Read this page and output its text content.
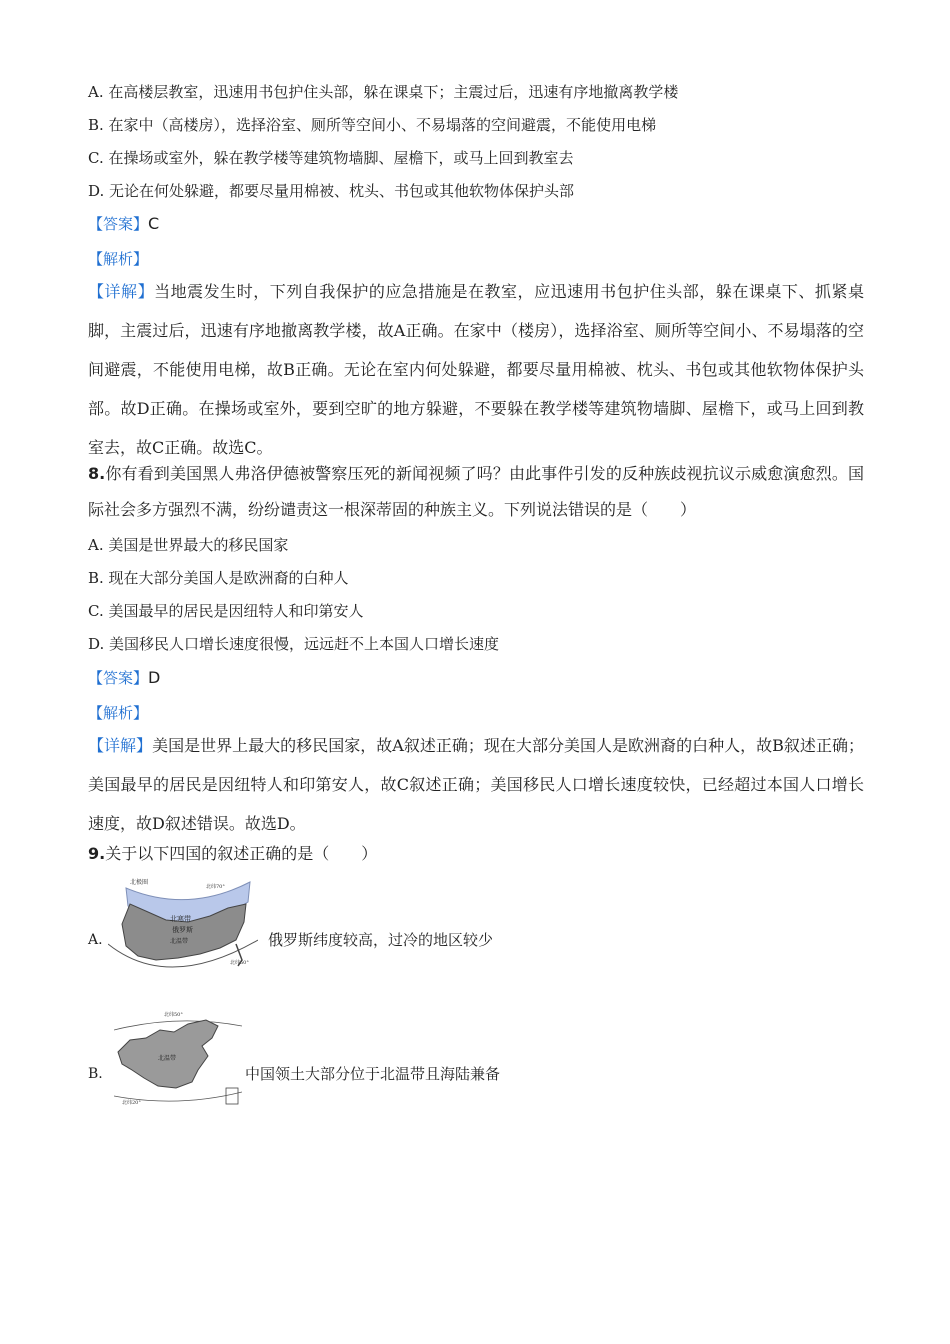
A. 在高楼层教室，迅速用书包护住头部，躲在课桌下；主震过后，迅速有序地撤离教学楼
B. 在家中（高楼房），选择浴室、厕所等空间小、不易塌落的空间避震，不能使用电梯
C. 在操场或室外，躲在教学楼等建筑物墙脚、屋檐下，或马上回到教室去
D. 无论在何处躲避，都要尽量用棉被、枕头、书包或其他软物体保护头部
【答案】C
【解析】
【详解】当地震发生时，下列自我保护的应急措施是在教室，应迅速用书包护住头部，躲在课桌下、抓紧桌脚，主震过后，迅速有序地撤离教学楼，故A正确。在家中（楼房），选择浴室、厕所等空间小、不易塌落的空间避震，不能使用电梯，故B正确。无论在室内何处躲避，都要尽量用棉被、枕头、书包或其他软物体保护头部。故D正确。在操场或室外，要到空旷的地方躲避，不要躲在教学楼等建筑物墙脚、屋檐下，或马上回到教室去，故C正确。故选C。
8.你有看到美国黑人弗洛伊德被警察压死的新闻视频了吗？由此事件引发的反种族歧视抗议示威愈演愈烈。国际社会多方强烈不满，纷纷谴责这一根深蒂固的种族主义。下列说法错误的是（　　）
A. 美国是世界最大的移民国家
B. 现在大部分美国人是欧洲裔的白种人
C. 美国最早的居民是因纽特人和印第安人
D. 美国移民人口增长速度很慢，远远赶不上本国人口增长速度
【答案】D
【解析】
【详解】美国是世界上最大的移民国家，故A叙述正确；现在大部分美国人是欧洲裔的白种人，故B叙述正确；美国最早的居民是因纽特人和印第安人，故C叙述正确；美国移民人口增长速度较快，已经超过本国人口增长速度，故D叙述错误。故选D。
9.关于以下四国的叙述正确的是（　　）
A.
北极圈
北寒带
俄罗斯
北温带
北纬70°
北纬50°
俄罗斯纬度较高，过冷的地区较少
B.
北纬50°
北温带
北纬20°
中国领土大部分位于北温带且海陆兼备
